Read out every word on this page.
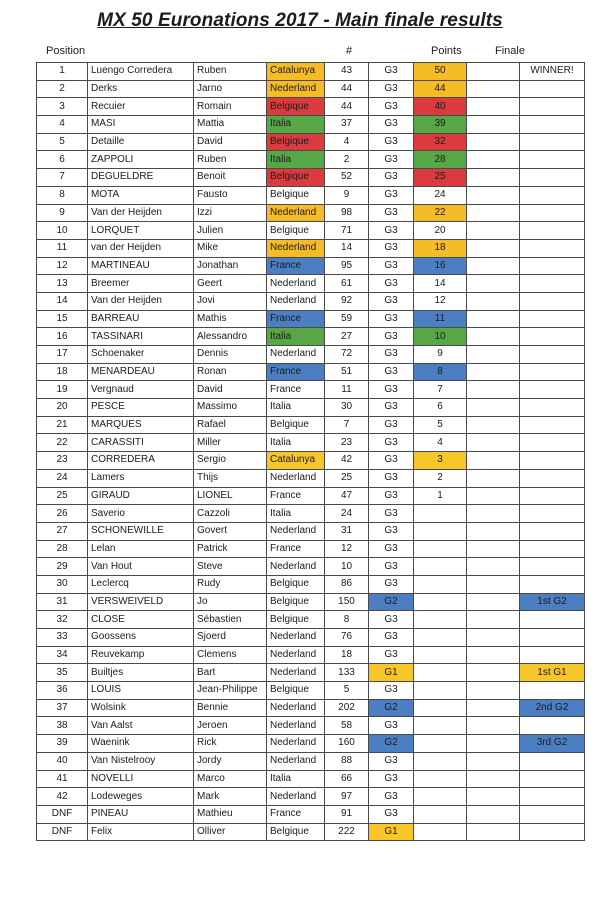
MX 50 Euronations 2017 - Main finale results
Position	#	Points	Finale
1	Luengo Corredera	Ruben	Catalunya	43	G3	50		WINNER!
2	Derks	Jarno	Nederland	44	G3	44		
3	Recuier	Romain	Belgique	44	G3	40		
4	MASI	Mattia	Italia	37	G3	39		
5	Detaille	David	Belgique	4	G3	32		
6	ZAPPOLI	Ruben	Italia	2	G3	28		
7	DEGUELDRE	Benoit	Belgique	52	G3	25		
8	MOTA	Fausto	Belgique	9	G3	24		
9	Van der Heijden	Izzi	Nederland	98	G3	22		
10	LORQUET	Julien	Belgique	71	G3	20		
11	van der Heijden	Mike	Nederland	14	G3	18		
12	MARTINEAU	Jonathan	France	95	G3	16		
13	Breemer	Geert	Nederland	61	G3	14		
14	Van der Heijden	Jovi	Nederland	92	G3	12		
15	BARREAU	Mathis	France	59	G3	11		
16	TASSINARI	Alessandro	Italia	27	G3	10		
17	Schoenaker	Dennis	Nederland	72	G3	9		
18	MENARDEAU	Ronan	France	51	G3	8		
19	Vergnaud	David	France	11	G3	7		
20	PESCE	Massimo	Italia	30	G3	6		
21	MARQUES	Rafael	Belgique	7	G3	5		
22	CARASSITI	Miller	Italia	23	G3	4		
23	CORREDERA	Sergio	Catalunya	42	G3	3		
24	Lamers	Thijs	Nederland	25	G3	2		
25	GIRAUD	LIONEL	France	47	G3	1		
26	Saverio	Cazzoli	Italia	24	G3			
27	SCHONEWILLE	Govert	Nederland	31	G3			
28	Lelan	Patrick	France	12	G3			
29	Van Hout	Steve	Nederland	10	G3			
30	Leclercq	Rudy	Belgique	86	G3			
31	VERSWEIVELD	Jo	Belgique	150	G2			1st G2
32	CLOSE	Sébastien	Belgique	8	G3			
33	Goossens	Sjoerd	Nederland	76	G3			
34	Reuvekamp	Clemens	Nederland	18	G3			
35	Builtjes	Bart	Nederland	133	G1			1st G1
36	LOUIS	Jean-Philippe	Belgique	5	G3			
37	Wolsink	Bennie	Nederland	202	G2			2nd G2
38	Van Aalst	Jeroen	Nederland	58	G3			
39	Waenink	Rick	Nederland	160	G2			3rd G2
40	Van Nistelrooy	Jordy	Nederland	88	G3			
41	NOVELLI	Marco	Italia	66	G3			
42	Lodeweges	Mark	Nederland	97	G3			
DNF	PINEAU	Mathieu	France	91	G3			
DNF	Felix	Olliver	Belgique	222	G1			
